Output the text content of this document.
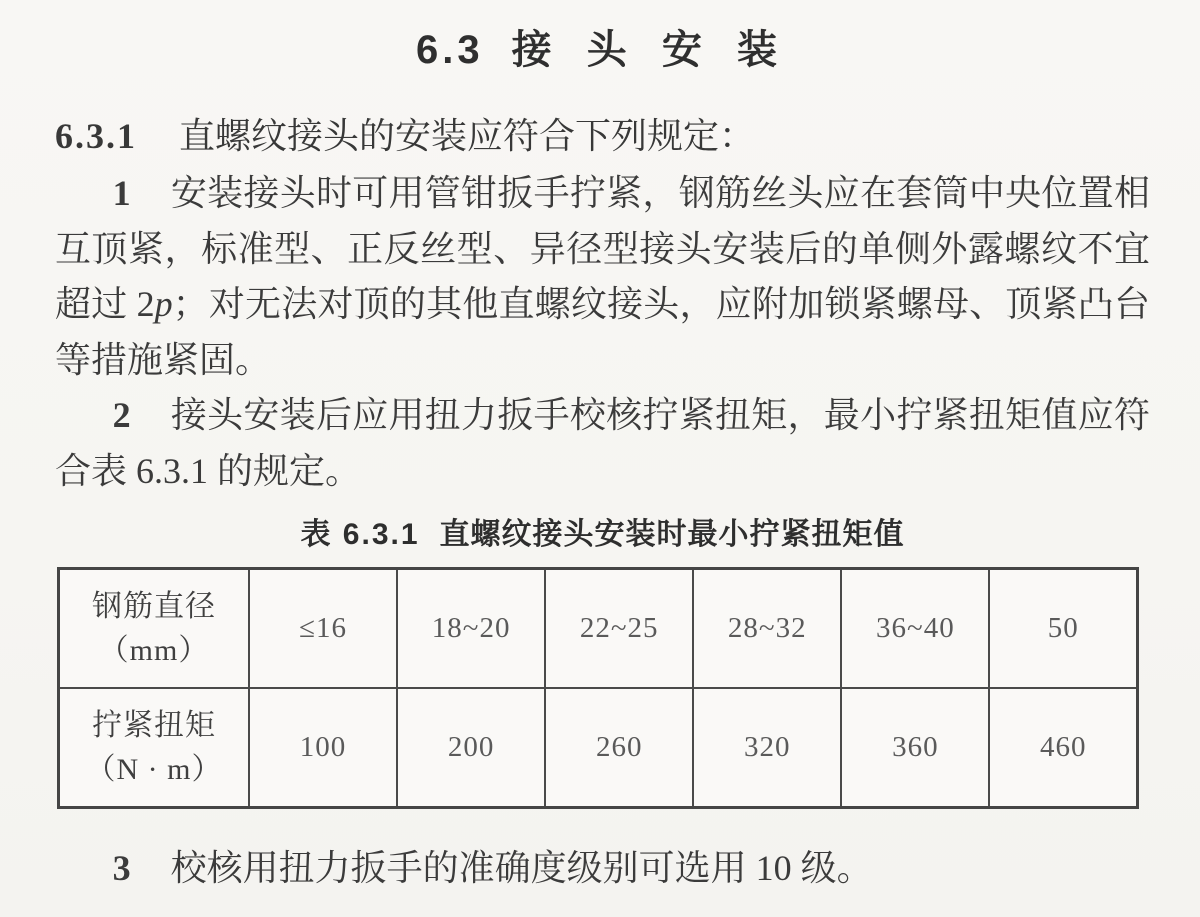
6.3 接 头 安 装

6.3.1 直螺纹接头的安装应符合下列规定：

1 安装接头时可用管钳扳手拧紧，钢筋丝头应在套筒中央位置相互顶紧，标准型、正反丝型、异径型接头安装后的单侧外露螺纹不宜超过 2p；对无法对顶的其他直螺纹接头，应附加锁紧螺母、顶紧凸台等措施紧固。

2 接头安装后应用扭力扳手校核拧紧扭矩，最小拧紧扭矩值应符合表 6.3.1 的规定。

表 6.3.1 直螺纹接头安装时最小拧紧扭矩值
钢筋直径
（mm）	≤16	18~20	22~25	28~32	36~40	50

拧紧扭矩
（N · m）	100	200	260	320	360	460

3 校核用扭力扳手的准确度级别可选用 10 级。
